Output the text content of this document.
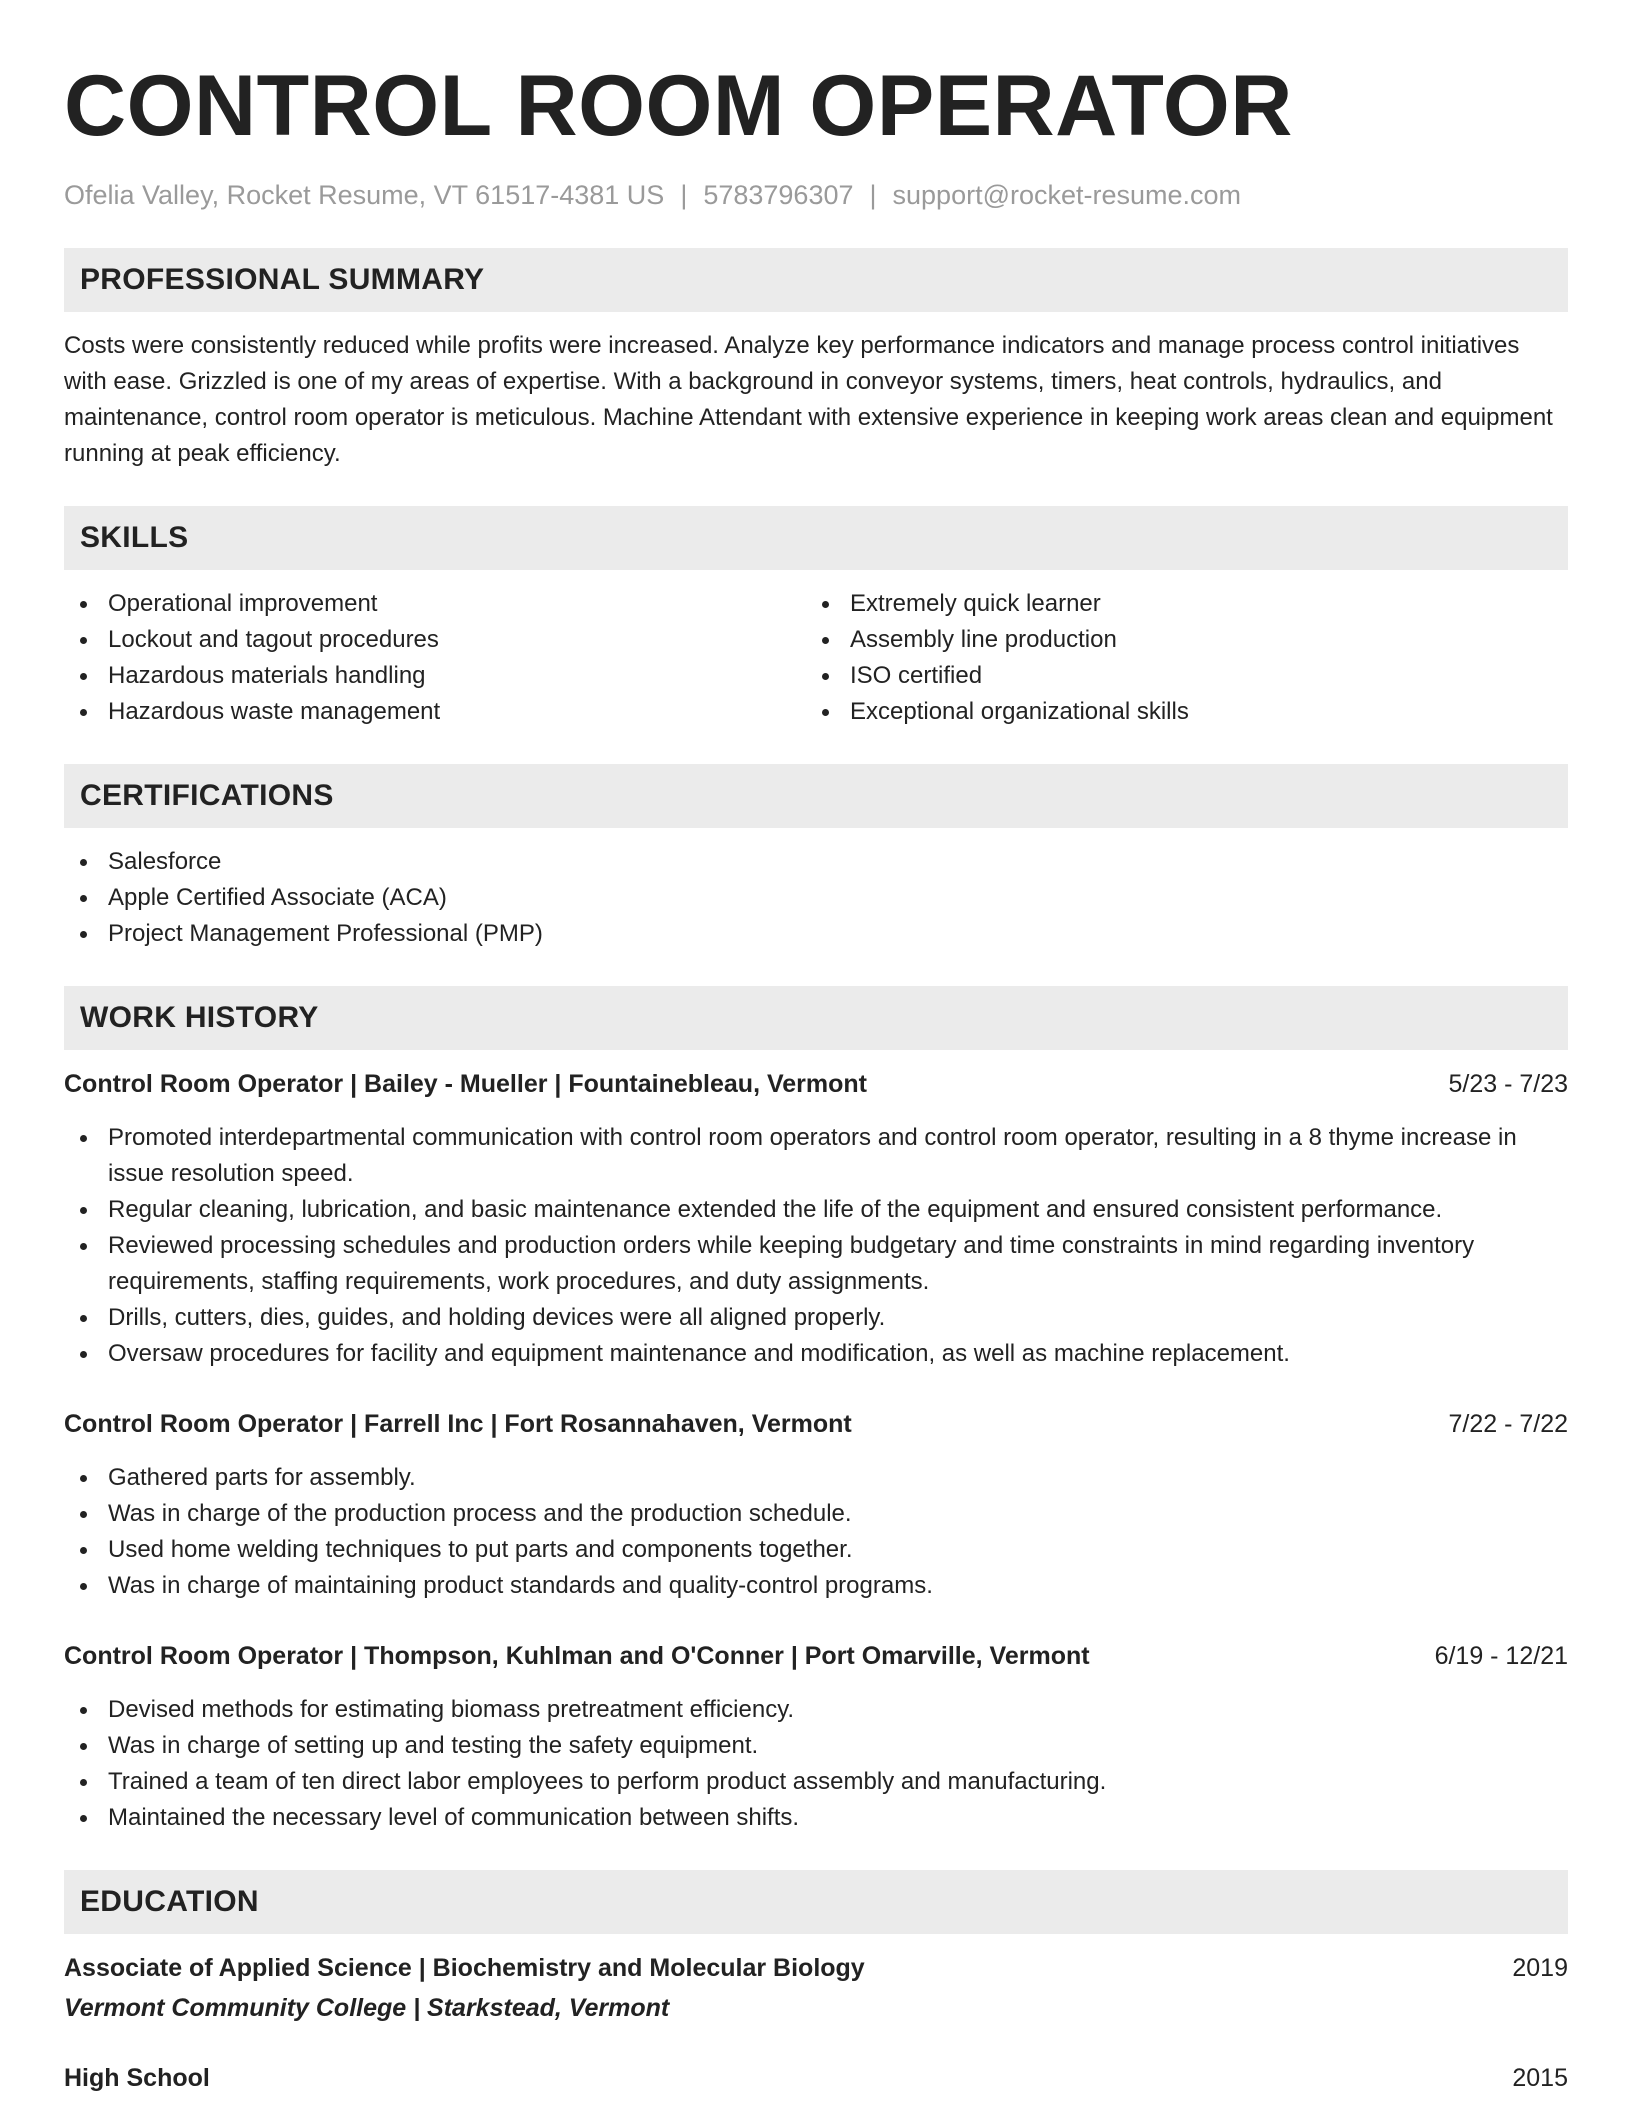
CONTROL ROOM OPERATOR
Ofelia Valley, Rocket Resume, VT 61517-4381 US | 5783796307 | support@rocket-resume.com
PROFESSIONAL SUMMARY
Costs were consistently reduced while profits were increased. Analyze key performance indicators and manage process control initiatives with ease. Grizzled is one of my areas of expertise. With a background in conveyor systems, timers, heat controls, hydraulics, and maintenance, control room operator is meticulous. Machine Attendant with extensive experience in keeping work areas clean and equipment running at peak efficiency.
SKILLS
Operational improvement
Lockout and tagout procedures
Hazardous materials handling
Hazardous waste management
Extremely quick learner
Assembly line production
ISO certified
Exceptional organizational skills
CERTIFICATIONS
Salesforce
Apple Certified Associate (ACA)
Project Management Professional (PMP)
WORK HISTORY
Control Room Operator | Bailey - Mueller | Fountainebleau, Vermont	5/23 - 7/23
Promoted interdepartmental communication with control room operators and control room operator, resulting in a 8 thyme increase in issue resolution speed.
Regular cleaning, lubrication, and basic maintenance extended the life of the equipment and ensured consistent performance.
Reviewed processing schedules and production orders while keeping budgetary and time constraints in mind regarding inventory requirements, staffing requirements, work procedures, and duty assignments.
Drills, cutters, dies, guides, and holding devices were all aligned properly.
Oversaw procedures for facility and equipment maintenance and modification, as well as machine replacement.
Control Room Operator | Farrell Inc | Fort Rosannahaven, Vermont	7/22 - 7/22
Gathered parts for assembly.
Was in charge of the production process and the production schedule.
Used home welding techniques to put parts and components together.
Was in charge of maintaining product standards and quality-control programs.
Control Room Operator | Thompson, Kuhlman and O'Conner | Port Omarville, Vermont	6/19 - 12/21
Devised methods for estimating biomass pretreatment efficiency.
Was in charge of setting up and testing the safety equipment.
Trained a team of ten direct labor employees to perform product assembly and manufacturing.
Maintained the necessary level of communication between shifts.
EDUCATION
Associate of Applied Science | Biochemistry and Molecular Biology	2019
Vermont Community College | Starkstead, Vermont
High School	2015
